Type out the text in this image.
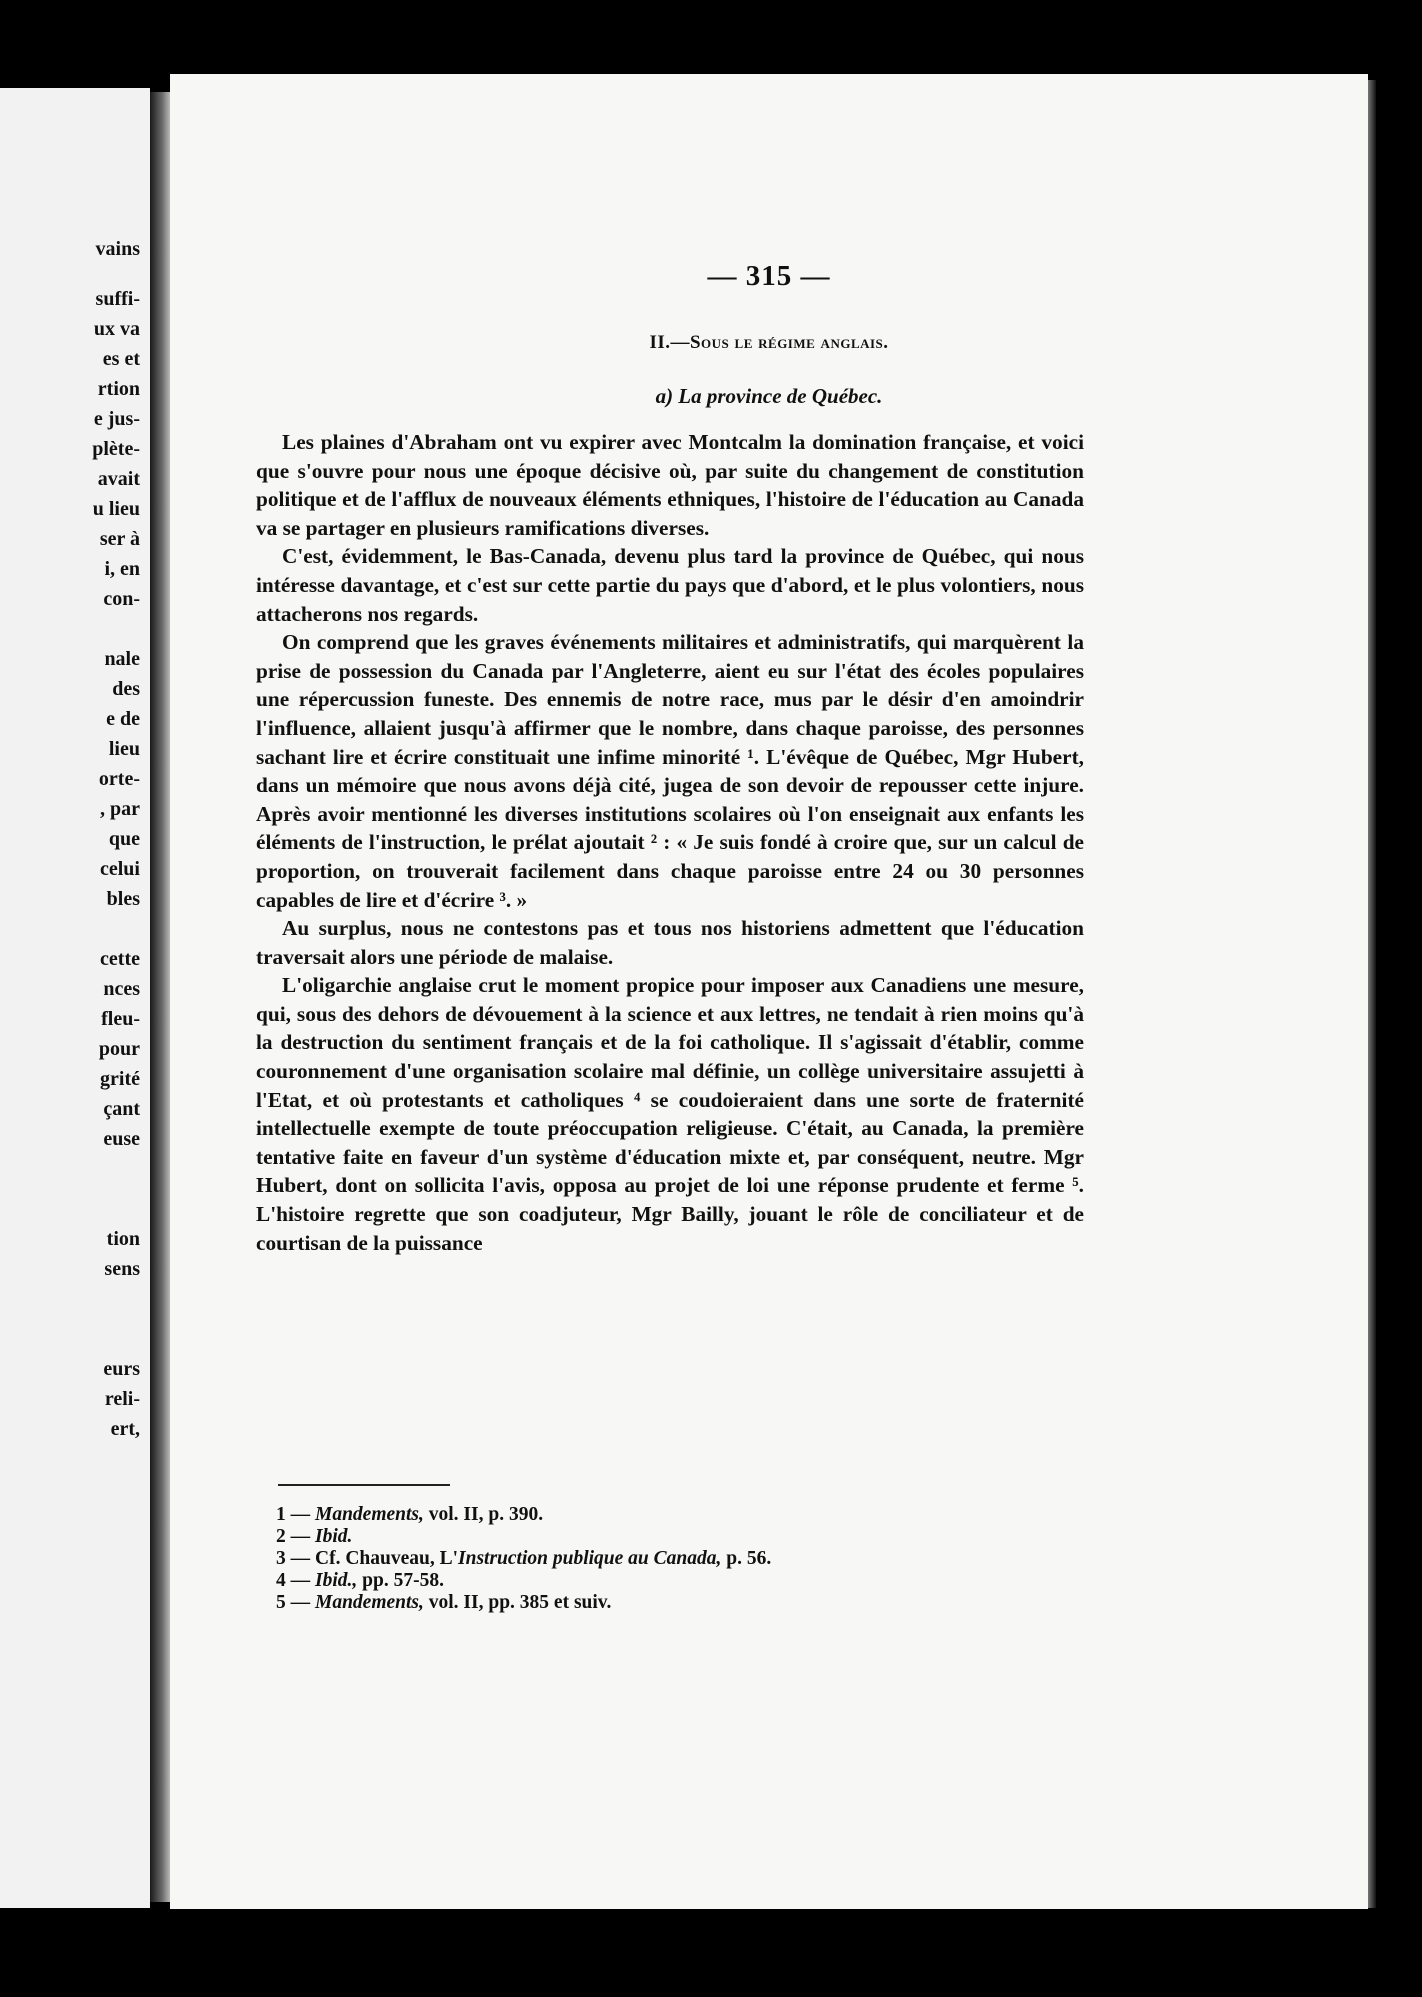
vains
suffi-
ux va
es et
rtion
e jus-
plète-
avait
u lieu
ser à
i, en
con-
nale
des
e de
lieu
orte-
, par
que
celui
bles
cette
nces
fleu-
pour
grité
çant
euse
tion
sens
eurs
reli-
ert,
— 315 —
II.—Sous le régime anglais.
a) La province de Québec.

Les plaines d'Abraham ont vu expirer avec Montcalm la domination française, et voici que s'ouvre pour nous une époque décisive où, par suite du changement de constitution politique et de l'afflux de nouveaux éléments ethniques, l'histoire de l'éducation au Canada va se partager en plusieurs ramifications diverses.

C'est, évidemment, le Bas-Canada, devenu plus tard la province de Québec, qui nous intéresse davantage, et c'est sur cette partie du pays que d'abord, et le plus volontiers, nous attacherons nos regards.

On comprend que les graves événements militaires et administratifs, qui marquèrent la prise de possession du Canada par l'Angleterre, aient eu sur l'état des écoles populaires une répercussion funeste. Des ennemis de notre race, mus par le désir d'en amoindrir l'influence, allaient jusqu'à affirmer que le nombre, dans chaque paroisse, des personnes sachant lire et écrire constituait une infime minorité ¹. L'évêque de Québec, Mgr Hubert, dans un mémoire que nous avons déjà cité, jugea de son devoir de repousser cette injure. Après avoir mentionné les diverses institutions scolaires où l'on enseignait aux enfants les éléments de l'instruction, le prélat ajoutait ² : « Je suis fondé à croire que, sur un calcul de proportion, on trouverait facilement dans chaque paroisse entre 24 ou 30 personnes capables de lire et d'écrire ³. »

Au surplus, nous ne contestons pas et tous nos historiens admettent que l'éducation traversait alors une période de malaise.

L'oligarchie anglaise crut le moment propice pour imposer aux Canadiens une mesure, qui, sous des dehors de dévouement à la science et aux lettres, ne tendait à rien moins qu'à la destruction du sentiment français et de la foi catholique. Il s'agissait d'établir, comme couronnement d'une organisation scolaire mal définie, un collège universitaire assujetti à l'Etat, et où protestants et catholiques ⁴ se coudoieraient dans une sorte de fraternité intellectuelle exempte de toute préoccupation religieuse. C'était, au Canada, la première tentative faite en faveur d'un système d'éducation mixte et, par conséquent, neutre. Mgr Hubert, dont on sollicita l'avis, opposa au projet de loi une réponse prudente et ferme ⁵. L'histoire regrette que son coadjuteur, Mgr Bailly, jouant le rôle de conciliateur et de courtisan de la puissance

1 — Mandements, vol. II, p. 390.
2 — Ibid.
3 — Cf. Chauveau, L'Instruction publique au Canada, p. 56.
4 — Ibid., pp. 57-58.
5 — Mandements, vol. II, pp. 385 et suiv.
